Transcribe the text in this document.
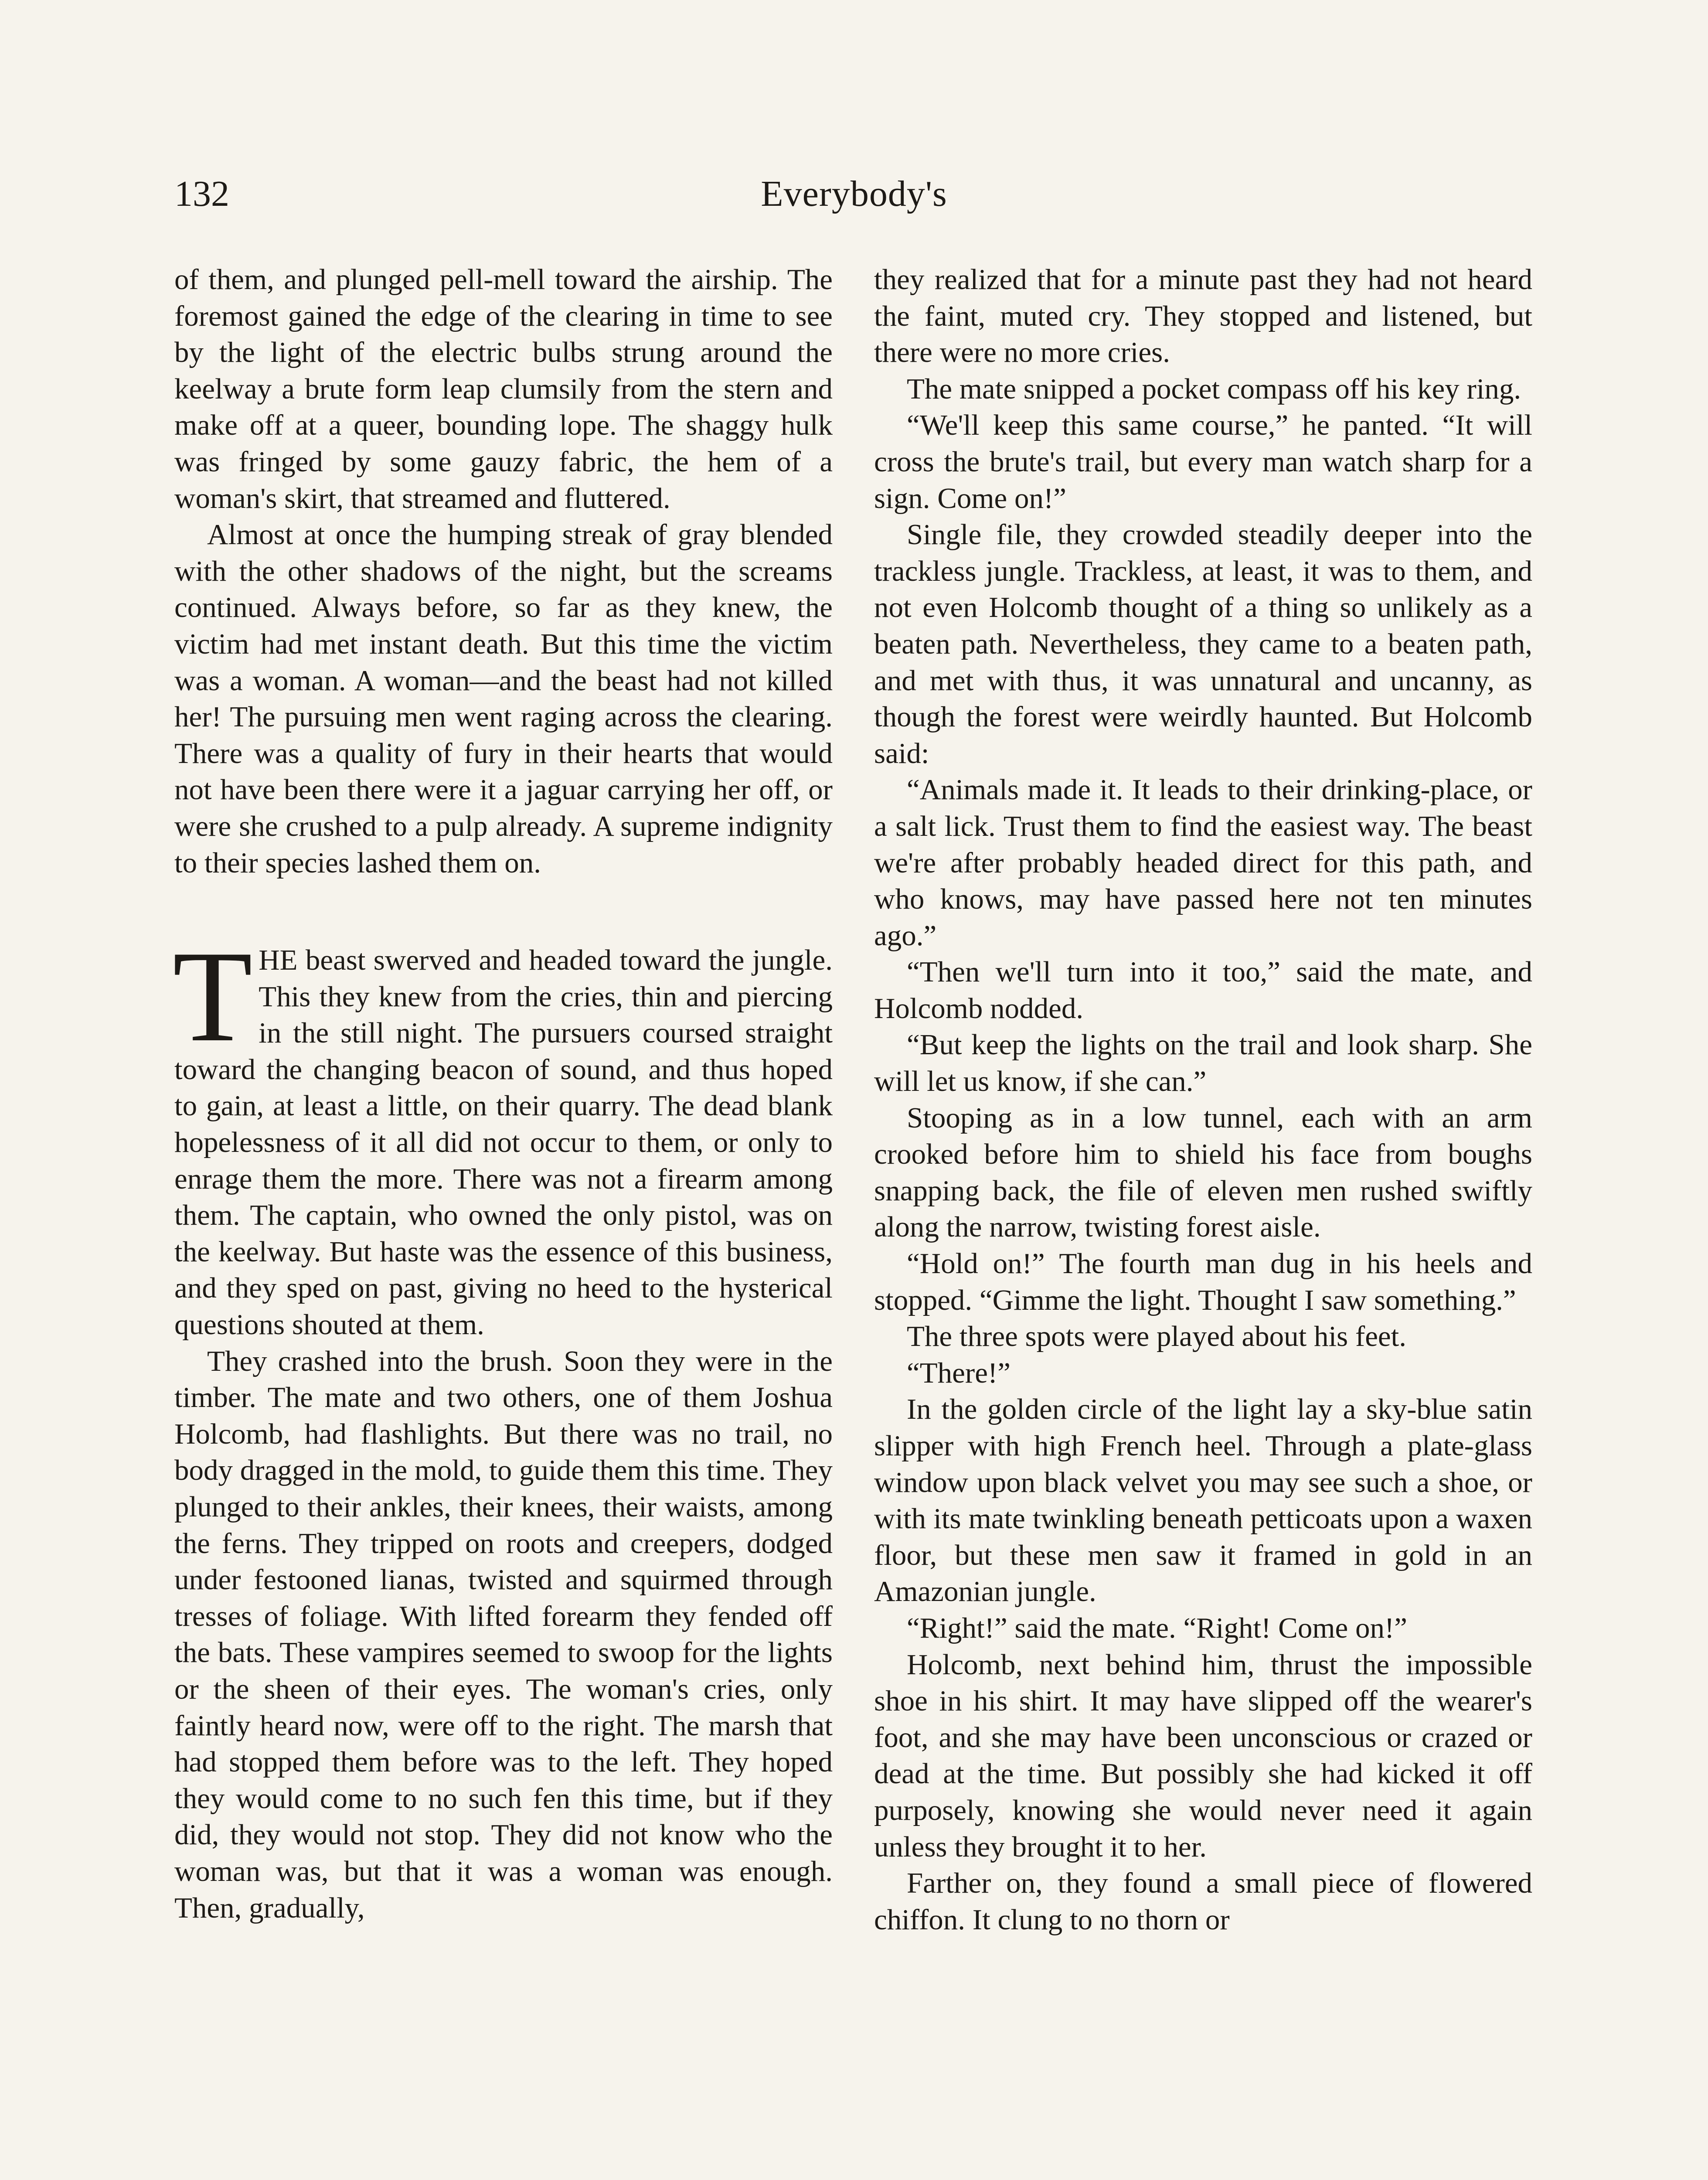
132	Everybody's

of them, and plunged pell-mell toward the airship. The foremost gained the edge of the clearing in time to see by the light of the electric bulbs strung around the keelway a brute form leap clumsily from the stern and make off at a queer, bounding lope. The shaggy hulk was fringed by some gauzy fabric, the hem of a woman's skirt, that streamed and fluttered.

Almost at once the humping streak of gray blended with the other shadows of the night, but the screams continued. Always before, so far as they knew, the victim had met instant death. But this time the victim was a woman. A woman—and the beast had not killed her! The pursuing men went raging across the clearing. There was a quality of fury in their hearts that would not have been there were it a jaguar carrying her off, or were she crushed to a pulp already. A supreme indignity to their species lashed them on.

THE beast swerved and headed toward the jungle. This they knew from the cries, thin and piercing in the still night. The pursuers coursed straight toward the changing beacon of sound, and thus hoped to gain, at least a little, on their quarry. The dead blank hopelessness of it all did not occur to them, or only to enrage them the more. There was not a firearm among them. The captain, who owned the only pistol, was on the keelway. But haste was the essence of this business, and they sped on past, giving no heed to the hysterical questions shouted at them.

They crashed into the brush. Soon they were in the timber. The mate and two others, one of them Joshua Holcomb, had flashlights. But there was no trail, no body dragged in the mold, to guide them this time. They plunged to their ankles, their knees, their waists, among the ferns. They tripped on roots and creepers, dodged under festooned lianas, twisted and squirmed through tresses of foliage. With lifted forearm they fended off the bats. These vampires seemed to swoop for the lights or the sheen of their eyes. The woman's cries, only faintly heard now, were off to the right. The marsh that had stopped them before was to the left. They hoped they would come to no such fen this time, but if they did, they would not stop. They did not know who the woman was, but that it was a woman was enough. Then, gradually,

they realized that for a minute past they had not heard the faint, muted cry. They stopped and listened, but there were no more cries.

The mate snipped a pocket compass off his key ring.

“We'll keep this same course,” he panted. “It will cross the brute's trail, but every man watch sharp for a sign. Come on!”

Single file, they crowded steadily deeper into the trackless jungle. Trackless, at least, it was to them, and not even Holcomb thought of a thing so unlikely as a beaten path. Nevertheless, they came to a beaten path, and met with thus, it was unnatural and uncanny, as though the forest were weirdly haunted. But Holcomb said:

“Animals made it. It leads to their drinking-place, or a salt lick. Trust them to find the easiest way. The beast we're after probably headed direct for this path, and who knows, may have passed here not ten minutes ago.”

“Then we'll turn into it too,” said the mate, and Holcomb nodded.

“But keep the lights on the trail and look sharp. She will let us know, if she can.”

Stooping as in a low tunnel, each with an arm crooked before him to shield his face from boughs snapping back, the file of eleven men rushed swiftly along the narrow, twisting forest aisle.

“Hold on!” The fourth man dug in his heels and stopped. “Gimme the light. Thought I saw something.”

The three spots were played about his feet.

“There!”

In the golden circle of the light lay a sky-blue satin slipper with high French heel. Through a plate-glass window upon black velvet you may see such a shoe, or with its mate twinkling beneath petticoats upon a waxen floor, but these men saw it framed in gold in an Amazonian jungle.

“Right!” said the mate. “Right! Come on!”

Holcomb, next behind him, thrust the impossible shoe in his shirt. It may have slipped off the wearer's foot, and she may have been unconscious or crazed or dead at the time. But possibly she had kicked it off purposely, knowing she would never need it again unless they brought it to her.

Farther on, they found a small piece of flowered chiffon. It clung to no thorn or
